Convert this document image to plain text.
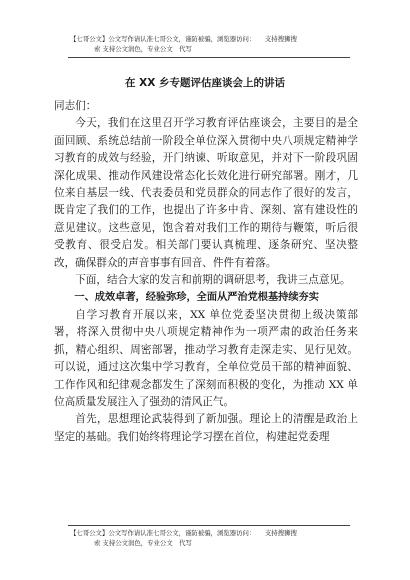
【七哥公文】公文写作请认准七哥公文，谨防被骗，浏览器访问：　　支持搜狮搜
索 支持公文润色，专业公文　代写
在 XX 乡专题评估座谈会上的讲话

同志们：

今天，我们在这里召开学习教育评估座谈会，主要目的是全面回顾、系统总结前一阶段全单位深入贯彻中央八项规定精神学习教育的成效与经验，开门纳谏、听取意见，并对下一阶段巩固深化成果、推动作风建设常态化长效化进行研究部署。刚才，几位来自基层一线、代表委员和党员群众的同志作了很好的发言，既肯定了我们的工作，也提出了许多中肯、深刻、富有建设性的意见建议。这些意见，饱含着对我们工作的期待与鞭策，听后很受教育、很受启发。相关部门要认真梳理、逐条研究、坚决整改，确保群众的声音事事有回音、件件有着落。

下面，结合大家的发言和前期的调研思考，我讲三点意见。

一、成效卓著，经验弥珍，全面从严治党根基持续夯实

自学习教育开展以来，XX 单位党委坚决贯彻上级决策部署，将深入贯彻中央八项规定精神作为一项严肃的政治任务来抓，精心组织、周密部署，推动学习教育走深走实、见行见效。可以说，通过这次集中学习教育，全单位党员干部的精神面貌、工作作风和纪律观念都发生了深刻而积极的变化，为推动 XX 单位高质量发展注入了强劲的清风正气。

首先，思想理论武装得到了新加强。理论上的清醒是政治上坚定的基础。我们始终将理论学习摆在首位，构建起党委理

【七哥公文】公文写作请认准七哥公文，谨防被骗，浏览器访问：　　支持搜狮搜
索 支持公文润色，专业公文　代写
